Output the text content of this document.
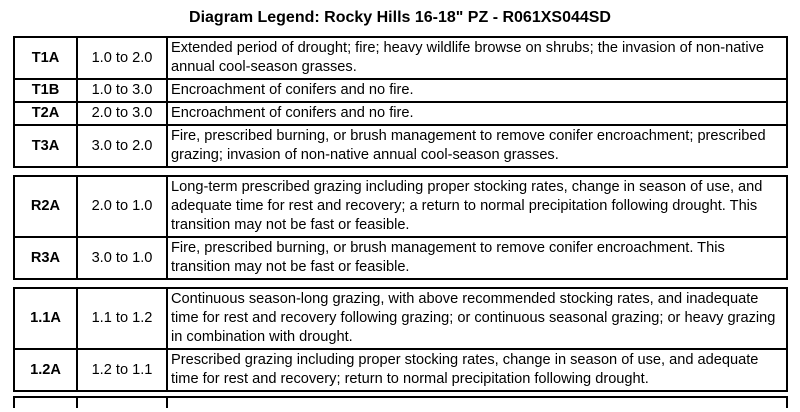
Diagram Legend: Rocky Hills 16-18" PZ - R061XS044SD
T1A	1.0 to 2.0	Extended period of drought; fire; heavy wildlife browse on shrubs; the invasion of non-native annual cool-season grasses.
T1B	1.0 to 3.0	Encroachment of conifers and no fire.
T2A	2.0 to 3.0	Encroachment of conifers and no fire.
T3A	3.0 to 2.0	Fire, prescribed burning, or brush management to remove conifer encroachment; prescribed grazing; invasion of non-native annual cool-season grasses.
R2A	2.0 to 1.0	Long-term prescribed grazing including proper stocking rates, change in season of use, and adequate time for rest and recovery; a return to normal precipitation following drought. This transition may not be fast or feasible.
R3A	3.0 to 1.0	Fire, prescribed burning, or brush management to remove conifer encroachment. This transition may not be fast or feasible.
1.1A	1.1 to 1.2	Continuous season-long grazing, with above recommended stocking rates, and inadequate time for rest and recovery following grazing; or continuous seasonal grazing; or heavy grazing in combination with drought.
1.2A	1.2 to 1.1	Prescribed grazing including proper stocking rates, change in season of use, and adequate time for rest and recovery; return to normal precipitation following drought.
